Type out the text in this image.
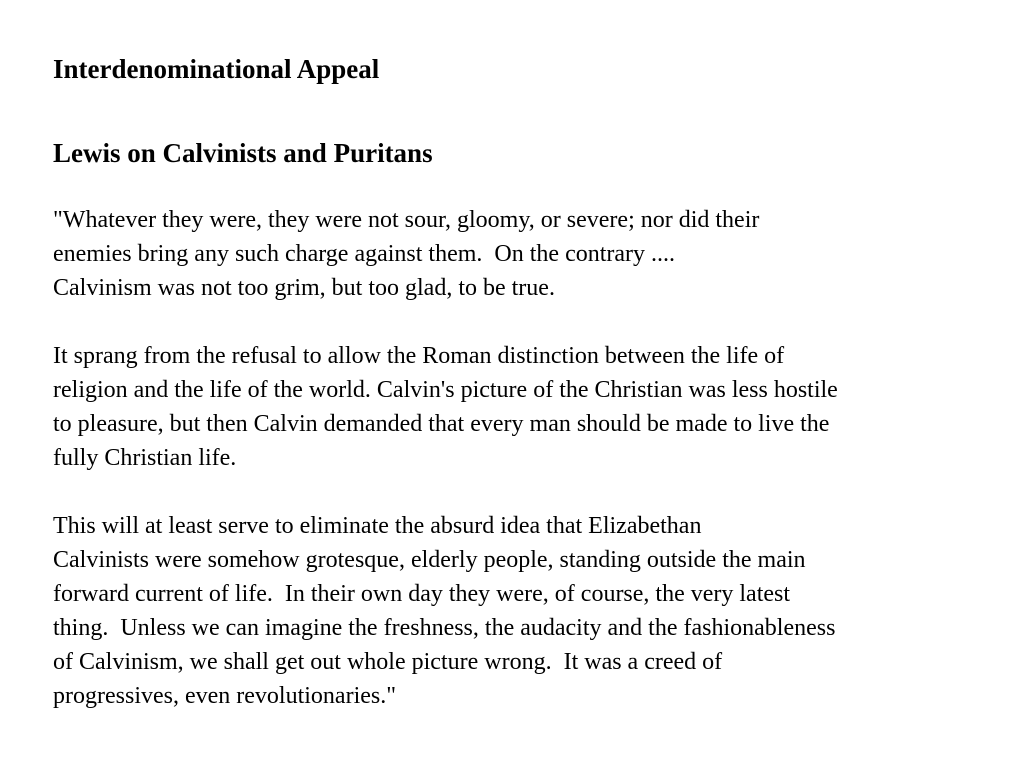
Interdenominational Appeal
Lewis on Calvinists and Puritans

"Whatever they were, they were not sour, gloomy, or severe; nor did their
enemies bring any such charge against them.  On the contrary ....
Calvinism was not too grim, but too glad, to be true.

It sprang from the refusal to allow the Roman distinction between the life of
religion and the life of the world. Calvin's picture of the Christian was less hostile
to pleasure, but then Calvin demanded that every man should be made to live the
fully Christian life.

This will at least serve to eliminate the absurd idea that Elizabethan
Calvinists were somehow grotesque, elderly people, standing outside the main
forward current of life.  In their own day they were, of course, the very latest
thing.  Unless we can imagine the freshness, the audacity and the fashionableness
of Calvinism, we shall get out whole picture wrong.  It was a creed of
progressives, even revolutionaries."
